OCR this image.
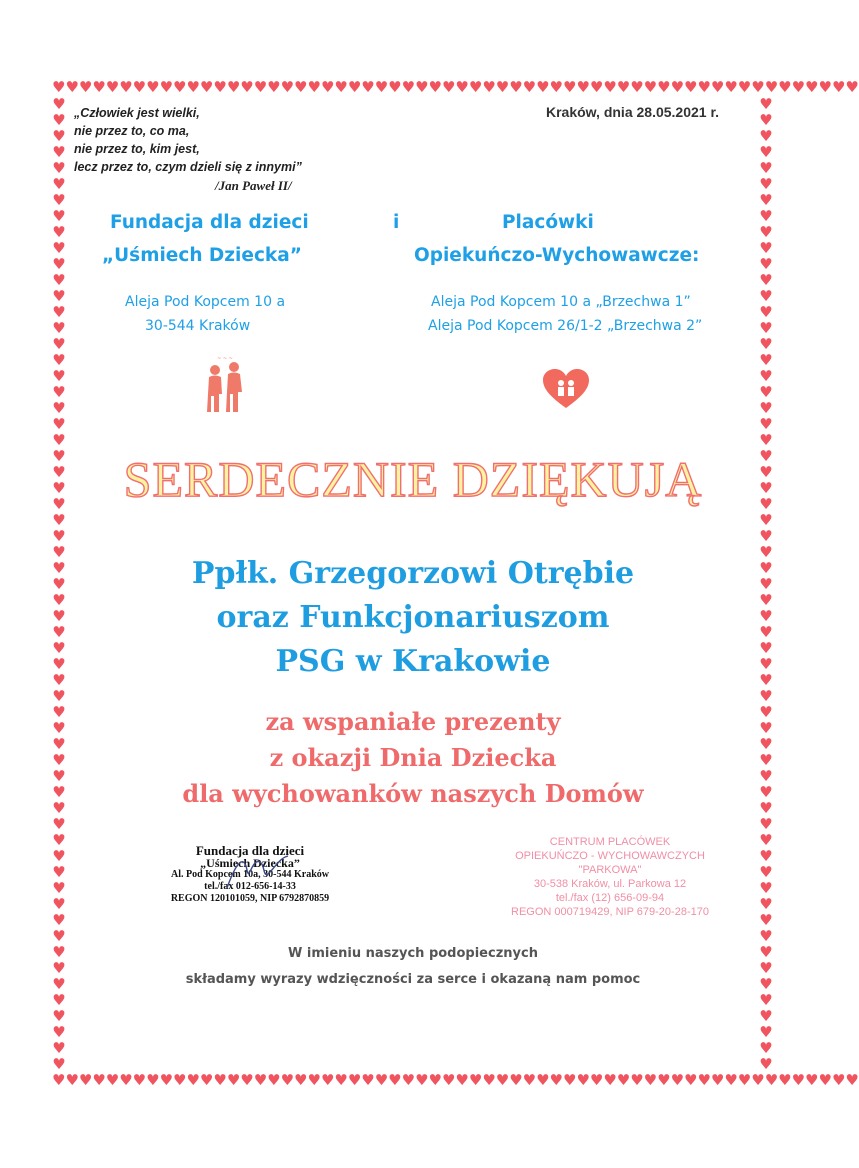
♥♥♥♥♥♥♥♥♥♥♥♥♥♥♥♥♥♥♥♥♥♥♥♥♥♥♥♥♥♥♥♥♥♥♥♥♥♥♥♥♥♥♥♥♥♥♥♥♥♥♥♥♥♥♥♥♥♥♥♥
♥♥♥♥♥♥♥♥♥♥♥♥♥♥♥♥♥♥♥♥♥♥♥♥♥♥♥♥♥♥♥♥♥♥♥♥♥♥♥♥♥♥♥♥♥♥♥♥♥♥♥♥♥♥♥♥♥♥♥♥
♥♥♥♥♥♥♥♥♥♥♥♥♥♥♥♥♥♥♥♥♥♥♥♥♥♥♥♥♥♥♥♥♥♥♥♥♥♥♥♥♥♥♥♥♥♥♥♥♥♥♥♥♥♥♥♥♥♥♥♥♥
♥♥♥♥♥♥♥♥♥♥♥♥♥♥♥♥♥♥♥♥♥♥♥♥♥♥♥♥♥♥♥♥♥♥♥♥♥♥♥♥♥♥♥♥♥♥♥♥♥♥♥♥♥♥♥♥♥♥♥♥♥
„Człowiek jest wielki,
nie przez to, co ma,
nie przez to, kim jest,
lecz przez to, czym dzieli się z innymi”
/Jan Paweł II/
Kraków, dnia 28.05.2021 r.
Fundacja dla dzieci	i	Placówki
„Uśmiech Dziecka”	Opiekuńczo-Wychowawcze:
Aleja Pod Kopcem 10 a
30-544 Kraków
Aleja Pod Kopcem 10 a „Brzechwa 1”
Aleja Pod Kopcem 26/1-2 „Brzechwa 2”
~ ~ ~
SERDECZNIE DZIĘKUJĄ
Ppłk. Grzegorzowi Otrębie
oraz Funkcjonariuszom
PSG w Krakowie
za wspaniałe prezenty
z okazji Dnia Dziecka
dla wychowanków naszych Domów
Fundacja dla dzieci
„Uśmiech Dziecka”
Al. Pod Kopcem 10a, 30-544 Kraków
tel./fax 012-656-14-33
REGON 120101059, NIP 6792870859
CENTRUM PLACÓWEK
OPIEKUŃCZO - WYCHOWAWCZYCH
"PARKOWA"
30-538 Kraków, ul. Parkowa 12
tel./fax (12) 656-09-94
REGON 000719429, NIP 679-20-28-170
W imieniu naszych podopiecznych
składamy wyrazy wdzięczności za serce i okazaną nam pomoc
